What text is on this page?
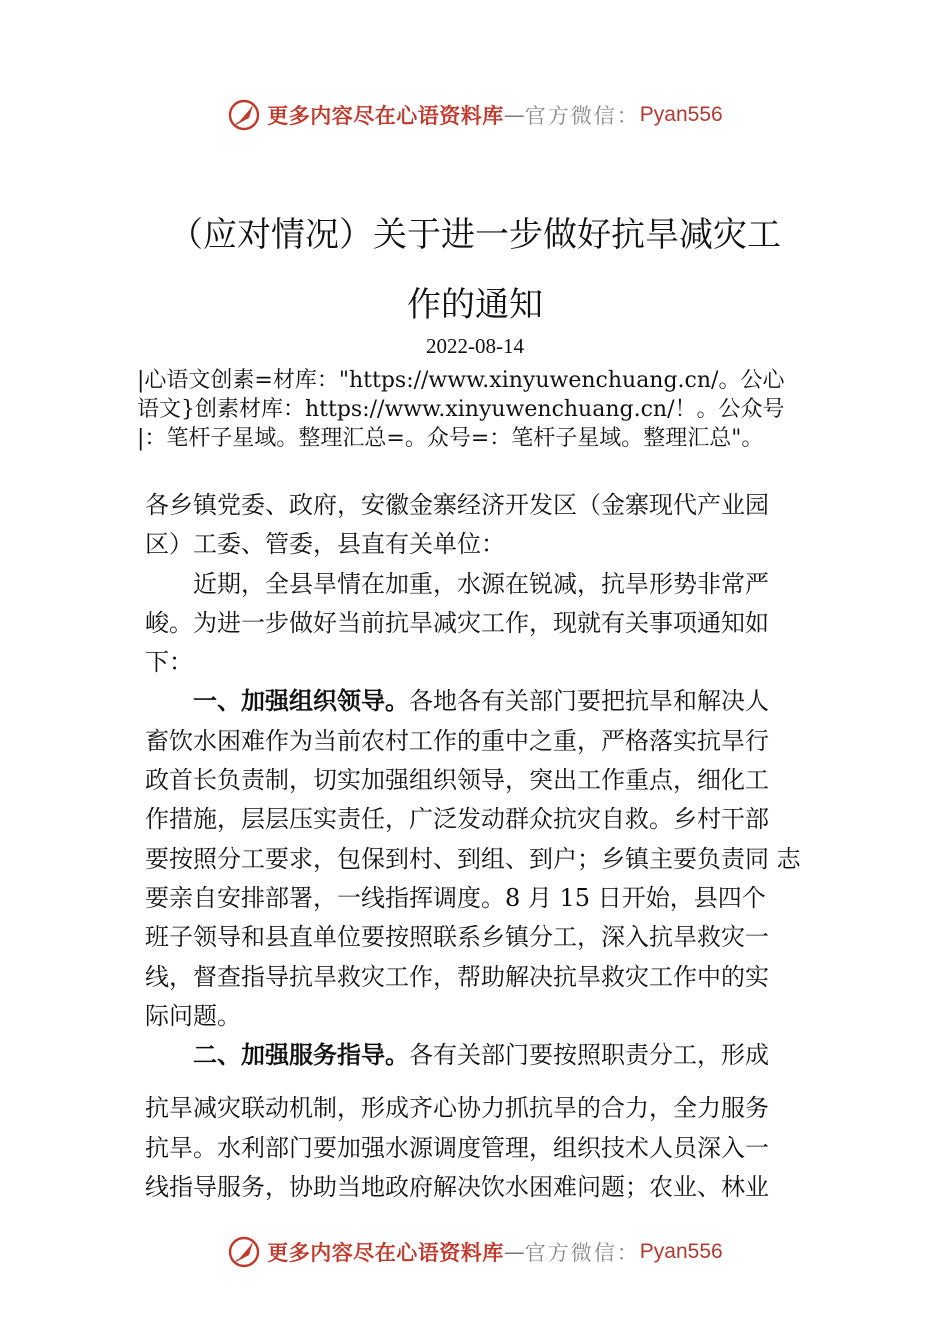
更多内容尽在心语资料库 — 官方微信： Pyan556
（应对情况）关于进一步做好抗旱减灾工
作的通知
2022-08-14
|心语文创素=材库："https://www.xinyuwenchuang.cn/。公心
语文}创素材库：https://www.xinyuwenchuang.cn/！。公众号
|：笔杆子星域。整理汇总=。众号=：笔杆子星域。整理汇总"。
各乡镇党委、政府，安徽金寨经济开发区（金寨现代产业园
区）工委、管委，县直有关单位：
近期，全县旱情在加重，水源在锐减，抗旱形势非常严
峻。为进一步做好当前抗旱减灾工作，现就有关事项通知如
下：
一、加强组织领导。各地各有关部门要把抗旱和解决人
畜饮水困难作为当前农村工作的重中之重，严格落实抗旱行
政首长负责制，切实加强组织领导，突出工作重点，细化工
作措施，层层压实责任，广泛发动群众抗灾自救。乡村干部
要按照分工要求，包保到村、到组、到户；乡镇主要负责同 志
要亲自安排部署，一线指挥调度。8 月 15 日开始，县四个
班子领导和县直单位要按照联系乡镇分工，深入抗旱救灾一
线，督查指导抗旱救灾工作，帮助解决抗旱救灾工作中的实
际问题。
二、加强服务指导。各有关部门要按照职责分工，形成
抗旱减灾联动机制，形成齐心协力抓抗旱的合力，全力服务
抗旱。水利部门要加强水源调度管理，组织技术人员深入一
线指导服务，协助当地政府解决饮水困难问题；农业、林业
更多内容尽在心语资料库 — 官方微信： Pyan556
